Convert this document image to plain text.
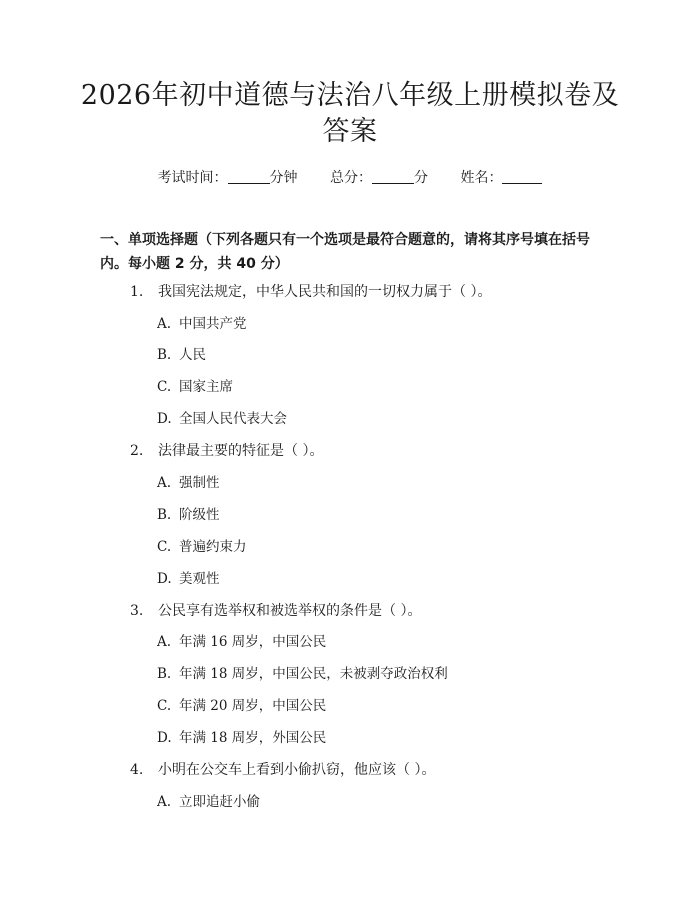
2026年初中道德与法治八年级上册模拟卷及答案
考试时间：	分钟 总分：	分 姓名：
一、单项选择题（下列各题只有一个选项是最符合题意的，请将其序号填在括号内。每小题 2 分，共 40 分）
1. 我国宪法规定，中华人民共和国的一切权力属于（ ）。
A. 中国共产党
B. 人民
C. 国家主席
D. 全国人民代表大会
2. 法律最主要的特征是（ ）。
A. 强制性
B. 阶级性
C. 普遍约束力
D. 美观性
3. 公民享有选举权和被选举权的条件是（ ）。
A. 年满 16 周岁，中国公民
B. 年满 18 周岁，中国公民，未被剥夺政治权利
C. 年满 20 周岁，中国公民
D. 年满 18 周岁，外国公民
4. 小明在公交车上看到小偷扒窃，他应该（ ）。
A. 立即追赶小偷
